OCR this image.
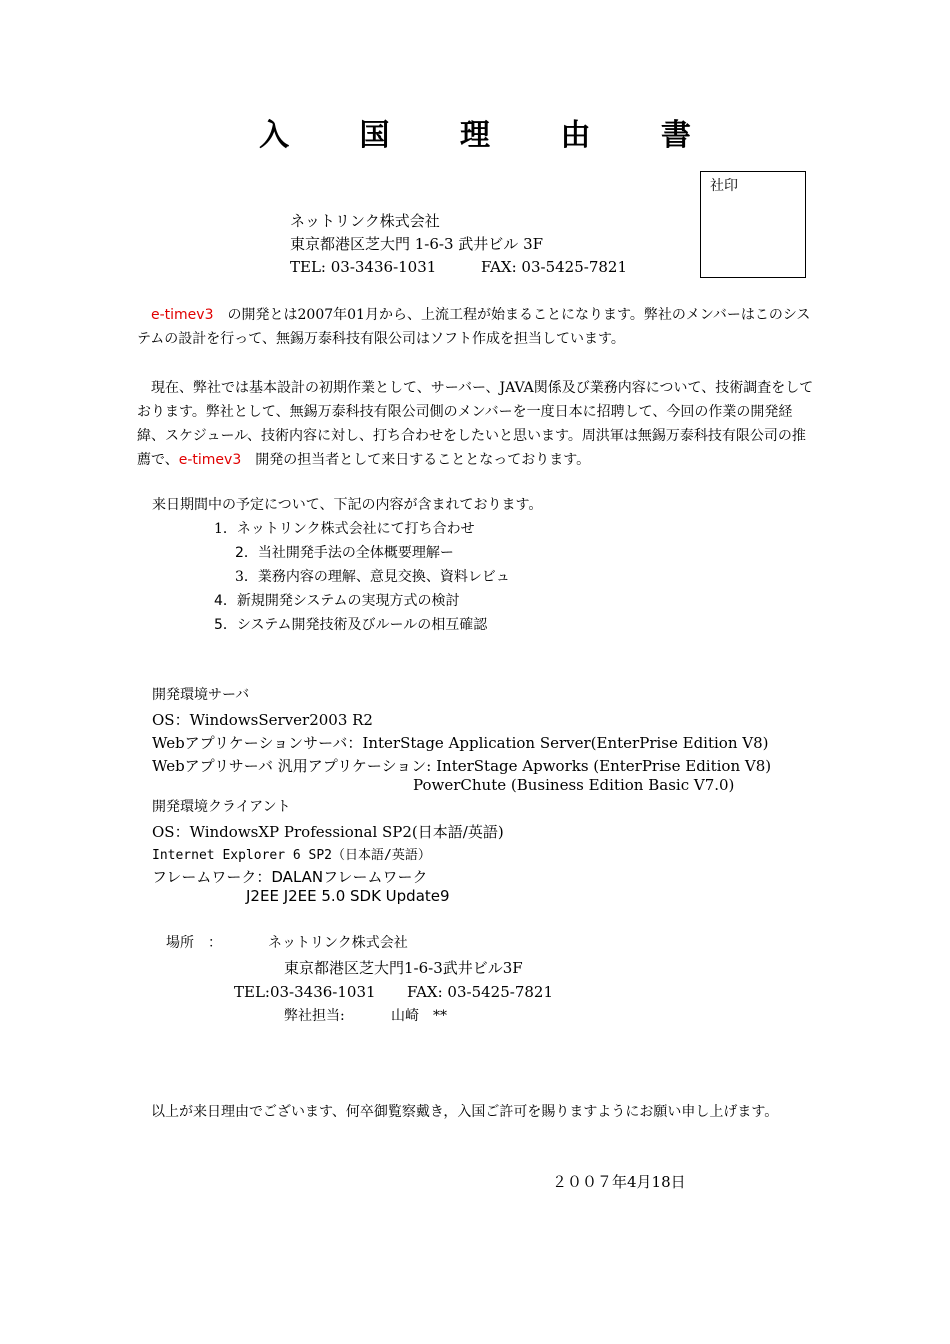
入 国 理 由 書
社印
ネットリンク株式会社
東京都港区芝大門 1-6-3 武井ビル 3F
TEL: 03-3436-1031	FAX: 03-5425-7821
e-timev3　の開発とは2007年01月から、上流工程が始まることになります。弊社のメンバーはこのシステムの設計を行って、無錫万泰科技有限公司はソフト作成を担当しています。
　現在、弊社では基本設計の初期作業として、サーバー、JAVA関係及び業務内容について、技術調査をしております。弊社として、無錫万泰科技有限公司側のメンバーを一度日本に招聘して、今回の作業の開発経緯、スケジュール、技術内容に対し、打ち合わせをしたいと思います。周洪軍は無錫万泰科技有限公司の推薦で、e-timev3　開発の担当者として来日することとなっております。
来日期間中の予定について、下記の内容が含まれております。
1．ネットリンク株式会社にて打ち合わせ
2．当社開発手法の全体概要理解ー
3．業務内容の理解、意見交換、資料レビュ
4．新規開発システムの実現方式の検討
5．システム開発技術及びルールの相互確認
開発環境サーバ
OS：WindowsServer2003 R2
Webアプリケーションサーバ：InterStage Application Server(EnterPrise Edition V8)
Webアプリサーバ 汎用アプリケーション: InterStage Apworks (EnterPrise Edition V8)
PowerChute (Business Edition Basic V7.0)
開発環境クライアント
OS：WindowsXP Professional SP2(日本語/英語)
Internet Explorer 6 SP2（日本語/英語）
フレームワーク：DALANフレームワーク
J2EE J2EE 5.0 SDK Update9
場所　：	ネットリンク株式会社
東京都港区芝大門1-6-3武井ビル3F
TEL:03-3436-1031 FAX: 03-5425-7821
弊社担当:	山崎　**
　以上が来日理由でございます、何卒御覧察戴き，入国ご許可を賜りますようにお願い申し上げます。
２００７年4月18日
